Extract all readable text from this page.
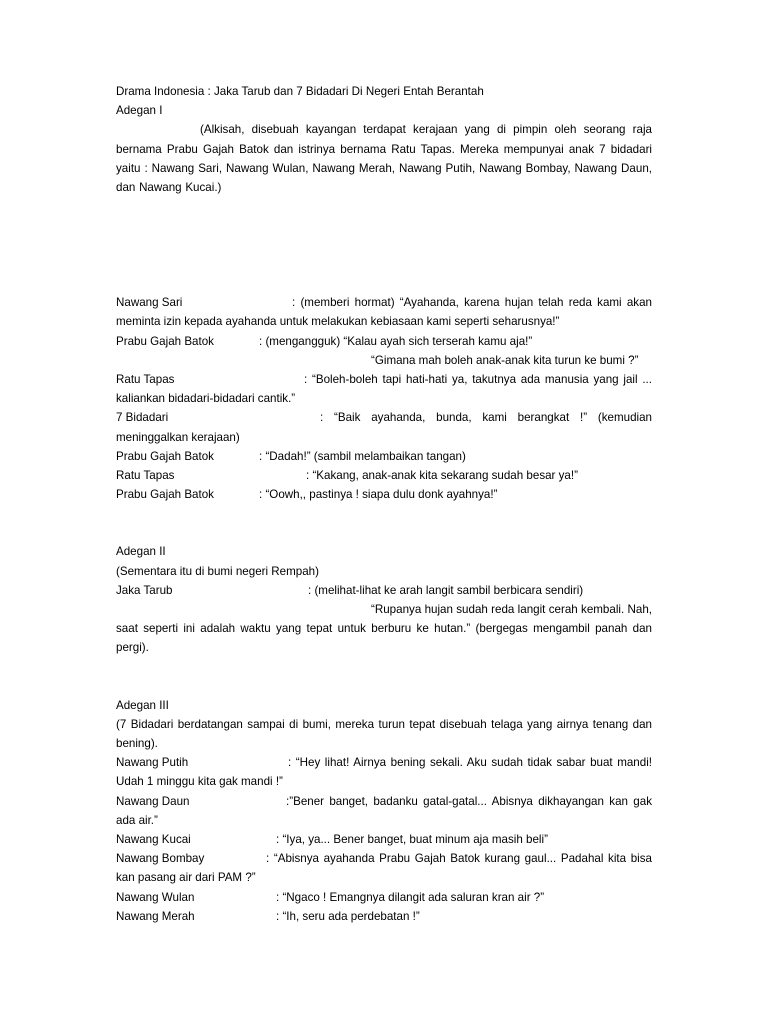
Drama Indonesia : Jaka Tarub dan 7 Bidadari Di Negeri Entah Berantah
Adegan I
(Alkisah, disebuah kayangan terdapat kerajaan yang di pimpin oleh seorang raja bernama Prabu Gajah Batok dan istrinya bernama Ratu Tapas. Mereka mempunyai anak 7 bidadari yaitu : Nawang Sari, Nawang Wulan, Nawang Merah, Nawang Putih, Nawang Bombay, Nawang Daun, dan Nawang Kucai.)
Nawang Sari	: (memberi hormat) “Ayahanda, karena hujan telah reda kami akan meminta izin kepada ayahanda untuk melakukan kebiasaan kami seperti seharusnya!”
Prabu Gajah Batok	: (mengangguk) “Kalau ayah sich terserah kamu aja!”
“Gimana mah boleh anak-anak kita turun ke bumi ?”
Ratu Tapas	: “Boleh-boleh tapi hati-hati ya, takutnya ada manusia yang jail ... kaliankan bidadari-bidadari cantik.”
7 Bidadari	: “Baik ayahanda, bunda, kami berangkat !” (kemudian meninggalkan kerajaan)
Prabu Gajah Batok	: “Dadah!” (sambil melambaikan tangan)
Ratu Tapas	: “Kakang, anak-anak kita sekarang sudah besar ya!”
Prabu Gajah Batok	: “Oowh,, pastinya ! siapa dulu donk ayahnya!”
Adegan II
(Sementara itu di bumi negeri Rempah)
Jaka Tarub	: (melihat-lihat ke arah langit sambil berbicara sendiri)
“Rupanya hujan sudah reda langit cerah kembali. Nah, saat seperti ini adalah waktu yang tepat untuk berburu ke hutan.” (bergegas mengambil panah dan pergi).
Adegan III
(7 Bidadari berdatangan sampai di bumi, mereka turun tepat disebuah telaga yang airnya tenang dan bening).
Nawang Putih	: “Hey lihat! Airnya bening sekali. Aku sudah tidak sabar buat mandi! Udah 1 minggu kita gak mandi !”
Nawang Daun	:”Bener banget, badanku gatal-gatal... Abisnya dikhayangan kan gak ada air.”
Nawang Kucai	: “Iya, ya... Bener banget, buat minum aja masih beli”
Nawang Bombay	: “Abisnya ayahanda Prabu Gajah Batok kurang gaul... Padahal kita bisa kan pasang air dari PAM ?”
Nawang Wulan	: “Ngaco ! Emangnya dilangit ada saluran kran air ?”
Nawang Merah	: “Ih, seru ada perdebatan !”
